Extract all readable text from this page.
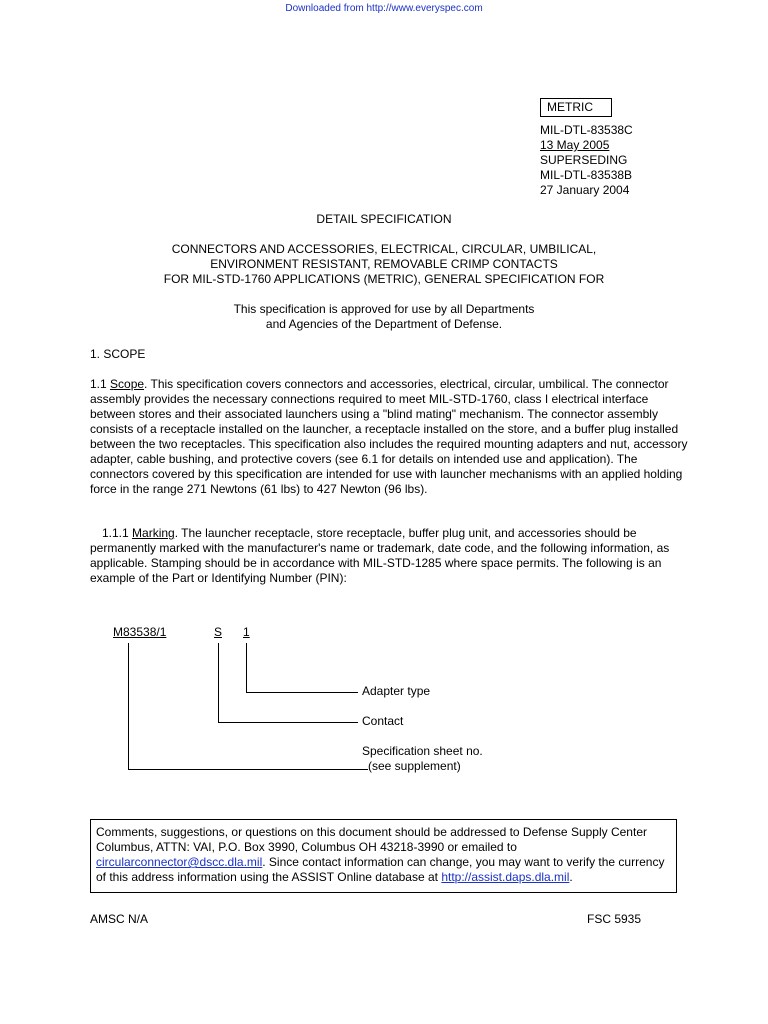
Downloaded from http://www.everyspec.com
METRIC
MIL-DTL-83538C
13 May 2005
SUPERSEDING
MIL-DTL-83538B
27 January 2004
DETAIL SPECIFICATION
CONNECTORS AND ACCESSORIES, ELECTRICAL, CIRCULAR, UMBILICAL,
ENVIRONMENT RESISTANT, REMOVABLE CRIMP CONTACTS
FOR MIL-STD-1760 APPLICATIONS (METRIC), GENERAL SPECIFICATION FOR
This specification is approved for use by all Departments
and Agencies of the Department of Defense.
1. SCOPE
1.1 Scope. This specification covers connectors and accessories, electrical, circular, umbilical. The connector assembly provides the necessary connections required to meet MIL-STD-1760, class I electrical interface between stores and their associated launchers using a "blind mating" mechanism. The connector assembly consists of a receptacle installed on the launcher, a receptacle installed on the store, and a buffer plug installed between the two receptacles. This specification also includes the required mounting adapters and nut, accessory adapter, cable bushing, and protective covers (see 6.1 for details on intended use and application). The connectors covered by this specification are intended for use with launcher mechanisms with an applied holding force in the range 271 Newtons (61 lbs) to 427 Newton (96 lbs).
1.1.1 Marking. The launcher receptacle, store receptacle, buffer plug unit, and accessories should be permanently marked with the manufacturer's name or trademark, date code, and the following information, as applicable. Stamping should be in accordance with MIL-STD-1285 where space permits. The following is an example of the Part or Identifying Number (PIN):
M83538/1	S 1
Adapter type
Contact
Specification sheet no.
(see supplement)
Comments, suggestions, or questions on this document should be addressed to Defense Supply Center Columbus, ATTN: VAI, P.O. Box 3990, Columbus OH 43218-3990 or emailed to circularconnector@dscc.dla.mil. Since contact information can change, you may want to verify the currency of this address information using the ASSIST Online database at http://assist.daps.dla.mil.
AMSC N/A	FSC 5935
